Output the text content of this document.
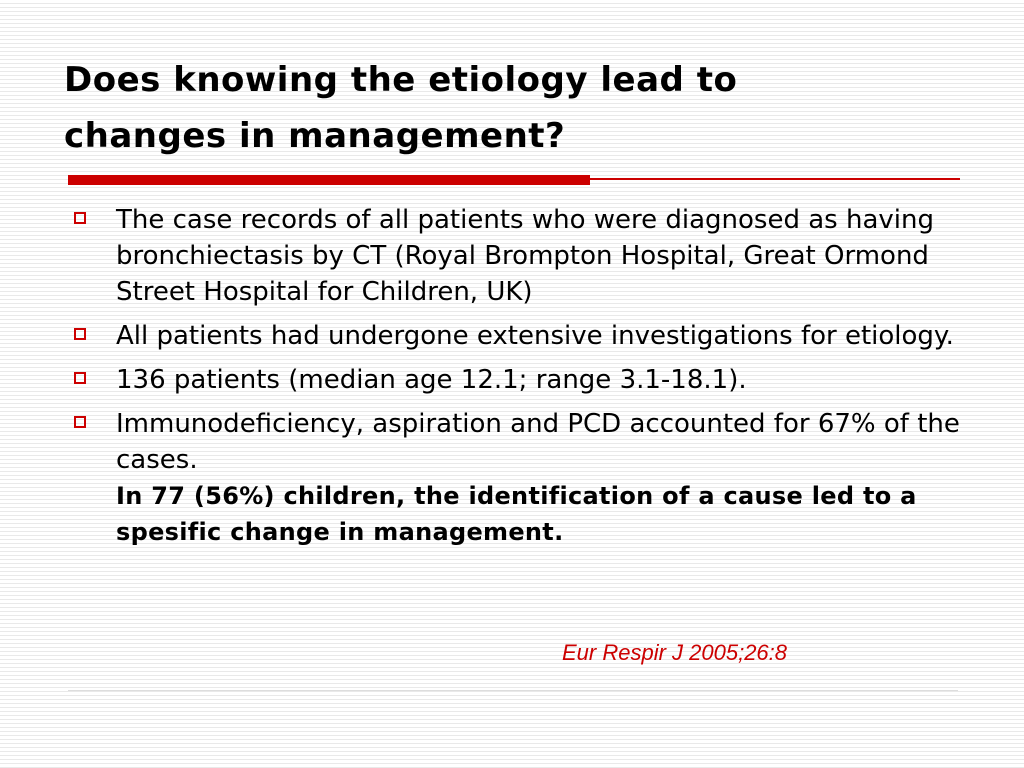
Does knowing the etiology lead to
changes in management?
The case records of all patients who were diagnosed as having bronchiectasis by CT (Royal Brompton Hospital, Great Ormond Street Hospital for Children, UK)
All patients had undergone extensive investigations for etiology.
136 patients (median age 12.1; range 3.1-18.1).
Immunodeficiency, aspiration and PCD accounted for 67% of the cases.
In 77 (56%) children, the identification of a cause led to a spesific change in management.
Eur Respir J 2005;26:8
